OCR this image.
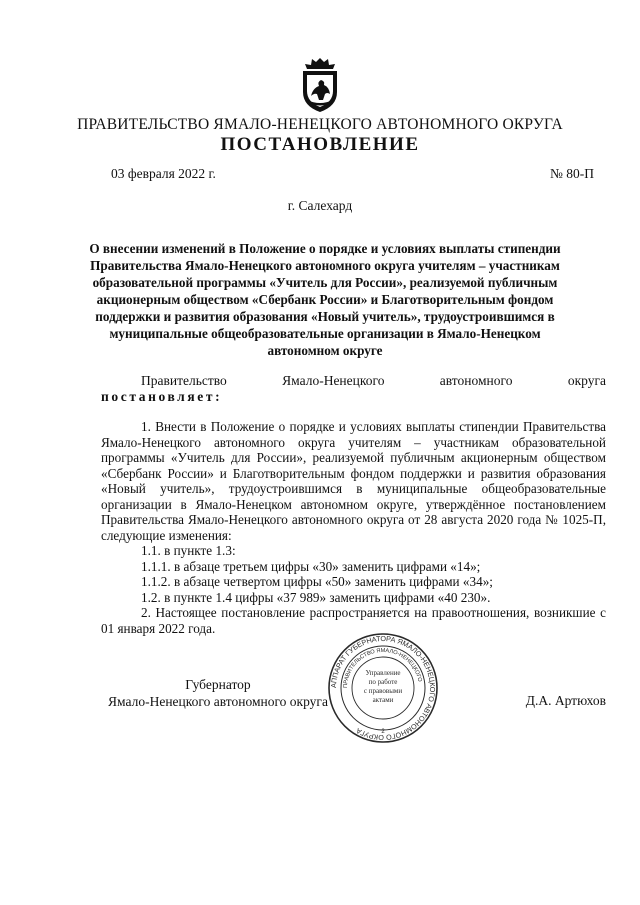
ПРАВИТЕЛЬСТВО ЯМАЛО-НЕНЕЦКОГО АВТОНОМНОГО ОКРУГА
ПОСТАНОВЛЕНИЕ
03 февраля 2022 г.	№ 80-П
г. Салехард
О внесении изменений в Положение о порядке и условиях выплаты стипендии Правительства Ямало-Ненецкого автономного округа учителям – участникам образовательной программы «Учитель для России», реализуемой публичным акционерным обществом «Сбербанк России» и Благотворительным фондом поддержки и развития образования «Новый учитель», трудоустроившимся в муниципальные общеобразовательные организации в Ямало-Ненецком автономном округе
Правительство	Ямало-Ненецкого	автономного	округа
постановляет:

1. Внести в Положение о порядке и условиях выплаты стипендии Правительства Ямало-Ненецкого автономного округа учителям – участникам образовательной программы «Учитель для России», реализуемой публичным акционерным обществом «Сбербанк России» и Благотворительным фондом поддержки и развития образования «Новый учитель», трудоустроившимся в муниципальные общеобразовательные организации в Ямало-Ненецком автономном округе, утверждённое постановлением Правительства Ямало-Ненецкого автономного округа от 28 августа 2020 года № 1025-П, следующие изменения:

1.1. в пункте 1.3:

1.1.1. в абзаце третьем цифры «30» заменить цифрами «14»;

1.1.2. в абзаце четвертом цифры «50» заменить цифрами «34»;

1.2. в пункте 1.4 цифры «37 989» заменить цифрами «40 230».

2. Настоящее постановление распространяется на правоотношения, возникшие с 01 января 2022 года.

Губернатор
Ямало-Ненецкого автономного округа	Д.А. Артюхов
АППАРАТ ГУБЕРНАТОРА ЯМАЛО-НЕНЕЦКОГО АВТОНОМНОГО ОКРУГА
ПРАВИТЕЛЬСТВО ЯМАЛО-НЕНЕЦКОГО
Управление
по работе
с правовыми
актами
2
